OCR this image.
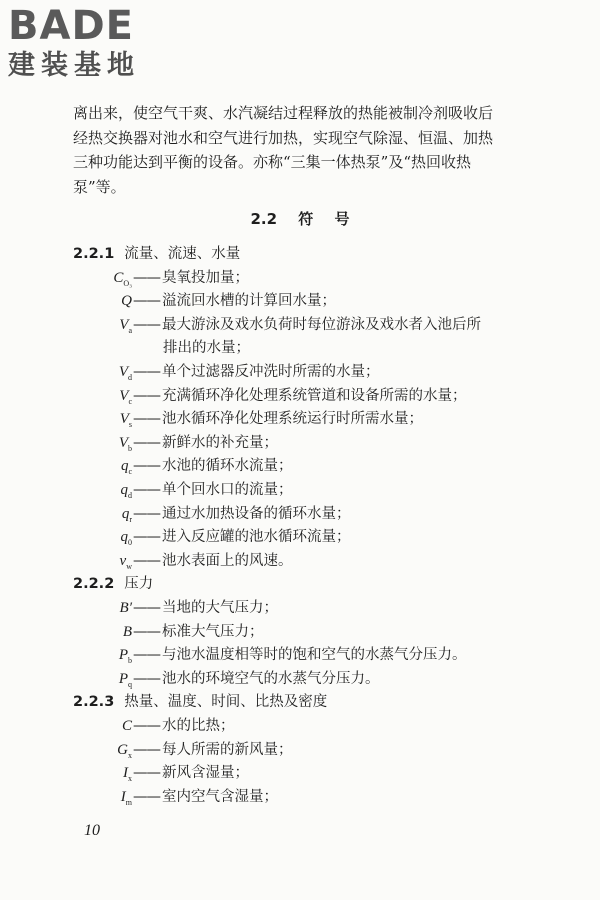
BADE
建装基地

离出来，使空气干爽、水汽凝结过程释放的热能被制冷剂吸收后
经热交换器对池水和空气进行加热，实现空气除湿、恒温、加热
三种功能达到平衡的设备。亦称“三集一体热泵”及“热回收热
泵”等。

2.2 符 号
2.2.1 流量、流速、水量
$C_{O_3}——$ 臭氧投加量；
Q—— 溢流回水槽的计算回水量；
$V_a——$ 最大游泳及戏水负荷时每位游泳及戏水者入池后所
排出的水量；
$V_d——$ 单个过滤器反冲洗时所需的水量；
$V_c——$ 充满循环净化处理系统管道和设备所需的水量；
$V_s——$ 池水循环净化处理系统运行时所需水量；
$V_b——$ 新鲜水的补充量；
$q_c——$ 水池的循环水流量；
$q_d——$ 单个回水口的流量；
$q_r——$ 通过水加热设备的循环水量；
$q_0——$ 进入反应罐的池水循环流量；
$v_w——$ 池水表面上的风速。
2.2.2 压力
B′—— 当地的大气压力；
B—— 标准大气压力；
$P_b——$ 与池水温度相等时的饱和空气的水蒸气分压力。
$P_q——$ 池水的环境空气的水蒸气分压力。
2.2.3 热量、温度、时间、比热及密度
C—— 水的比热；
$G_x——$ 每人所需的新风量；
$I_x——$ 新风含湿量；
$I_m——$ 室内空气含湿量；
10
